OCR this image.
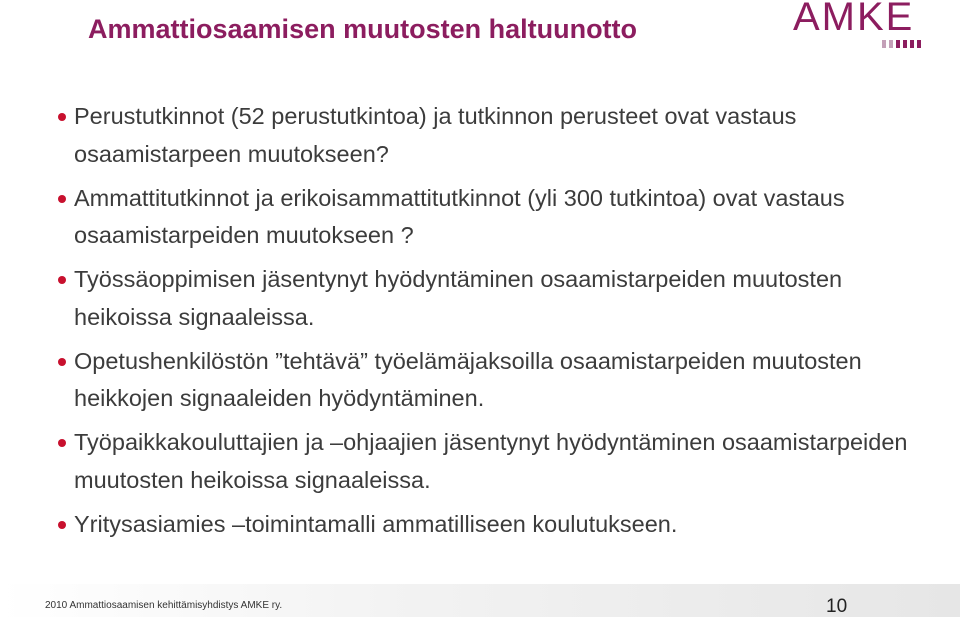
Ammattiosaamisen muutosten haltuunotto	AMKE
Perustutkinnot (52 perustutkintoa) ja tutkinnon perusteet ovat vastaus osaamistarpeen muutokseen?
Ammattitutkinnot ja erikoisammattitutkinnot (yli 300 tutkintoa) ovat vastaus osaamistarpeiden muutokseen ?
Työssäoppimisen jäsentynyt hyödyntäminen osaamistarpeiden muutosten heikoissa signaaleissa.
Opetushenkilöstön ”tehtävä” työelämäjaksoilla osaamistarpeiden muutosten heikkojen signaaleiden hyödyntäminen.
Työpaikkakouluttajien ja –ohjaajien jäsentynyt hyödyntäminen osaamistarpeiden muutosten heikoissa signaaleissa.
Yritysasiamies –toimintamalli ammatilliseen koulutukseen.
2010 Ammattiosaamisen kehittämisyhdistys AMKE ry.	10
